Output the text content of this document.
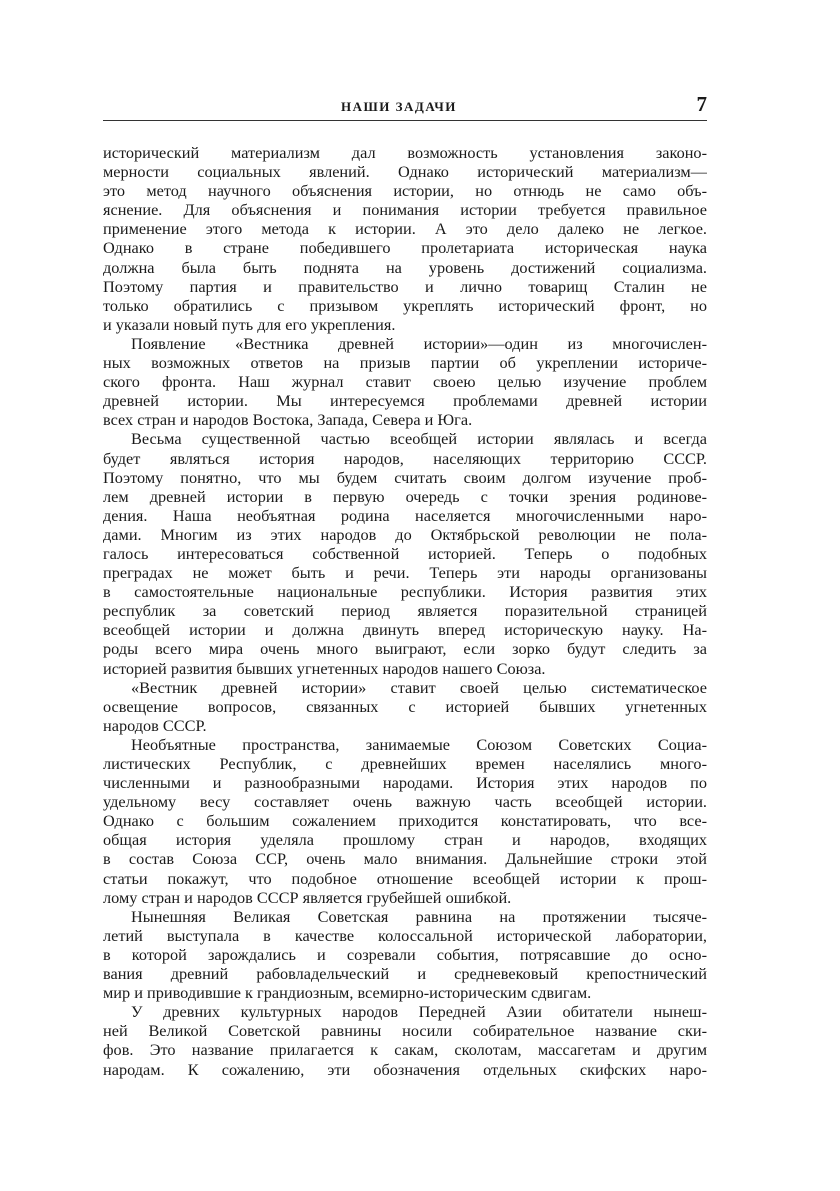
НАШИ ЗАДАЧИ	7
исторический материализм дал возможность установления законо-
мерности социальных явлений. Однако исторический материализм—
это метод научного объяснения истории, но отнюдь не само объ-
яснение. Для объяснения и понимания истории требуется правильное
применение этого метода к истории. А это дело далеко не легкое.
Однако в стране победившего пролетариата историческая наука
должна была быть поднята на уровень достижений социализма.
Поэтому партия и правительство и лично товарищ Сталин не
только обратились с призывом укреплять исторический фронт, но
и указали новый путь для его укрепления.
Появление «Вестника древней истории»—один из многочислен-
ных возможных ответов на призыв партии об укреплении историче-
ского фронта. Наш журнал ставит своею целью изучение проблем
древней истории. Мы интересуемся проблемами древней истории
всех стран и народов Востока, Запада, Севера и Юга.
Весьма существенной частью всеобщей истории являлась и всегда
будет являться история народов, населяющих территорию СССР.
Поэтому понятно, что мы будем считать своим долгом изучение проб-
лем древней истории в первую очередь с точки зрения родинове-
дения. Наша необъятная родина населяется многочисленными наро-
дами. Многим из этих народов до Октябрьской революции не пола-
галось интересоваться собственной историей. Теперь о подобных
преградах не может быть и речи. Теперь эти народы организованы
в самостоятельные национальные республики. История развития этих
республик за советский период является поразительной страницей
всеобщей истории и должна двинуть вперед историческую науку. На-
роды всего мира очень много выиграют, если зорко будут следить за
историей развития бывших угнетенных народов нашего Союза.
«Вестник древней истории» ставит своей целью систематическое
освещение вопросов, связанных с историей бывших угнетенных
народов СССР.
Необъятные пространства, занимаемые Союзом Советских Социа-
листических Республик, с древнейших времен населялись много-
численными и разнообразными народами. История этих народов по
удельному весу составляет очень важную часть всеобщей истории.
Однако с большим сожалением приходится констатировать, что все-
общая история уделяла прошлому стран и народов, входящих
в состав Союза ССР, очень мало внимания. Дальнейшие строки этой
статьи покажут, что подобное отношение всеобщей истории к прош-
лому стран и народов СССР является грубейшей ошибкой.
Нынешняя Великая Советская равнина на протяжении тысяче-
летий выступала в качестве колоссальной исторической лаборатории,
в которой зарождались и созревали события, потрясавшие до осно-
вания древний рабовладельческий и средневековый крепостнический
мир и приводившие к грандиозным, всемирно-историческим сдвигам.
У древних культурных народов Передней Азии обитатели нынеш-
ней Великой Советской равнины носили собирательное название ски-
фов. Это название прилагается к сакам, сколотам, массагетам и другим
народам. К сожалению, эти обозначения отдельных скифских наро-
